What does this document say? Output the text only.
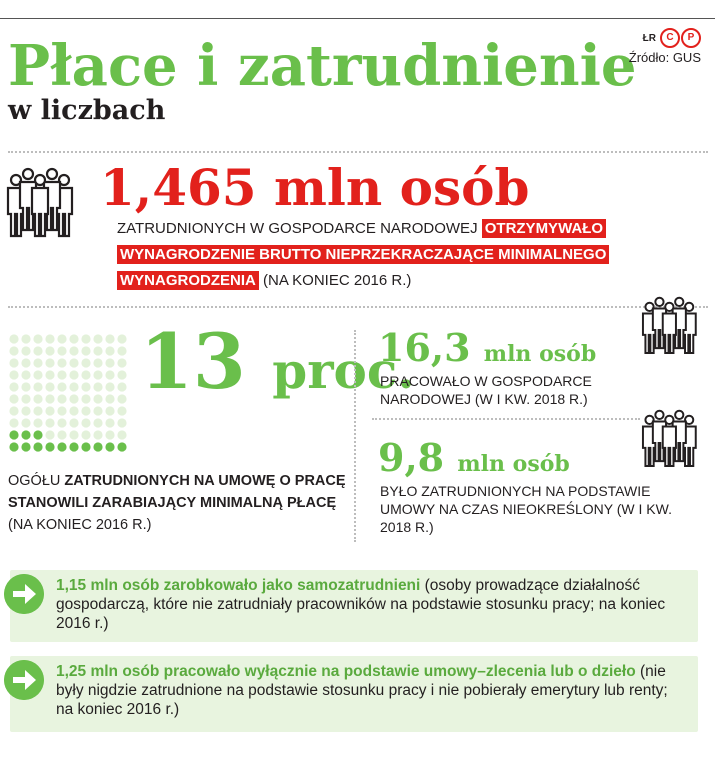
Płace i zatrudnienie
w liczbach
ŁR	C	P
Źródło: GUS
1,465 mln osób
ZATRUDNIONYCH W GOSPODARCE NARODOWEJ OTRZYMYWAŁO WYNAGRODZENIE BRUTTO NIEPRZEKRACZAJĄCE MINIMALNEGO WYNAGRODZENIA (NA KONIEC 2016 R.)
13 proc.
OGÓŁU ZATRUDNIONYCH NA UMOWĘ O PRACĘ STANOWILI ZARABIAJĄCY MINIMALNĄ PŁACĘ (NA KONIEC 2016 R.)
16,3 mln osób
PRACOWAŁO W GOSPODARCE NARODOWEJ (W I KW. 2018 R.)
9,8 mln osób
BYŁO ZATRUDNIONYCH NA PODSTAWIE UMOWY NA CZAS NIEOKREŚLONY (W I KW. 2018 R.)
1,15 mln osób zarobkowało jako samozatrudnieni (osoby prowadzące działalność gospodarczą, które nie zatrudniały pracowników na podstawie stosunku pracy; na koniec 2016 r.)
1,25 mln osób pracowało wyłącznie na podstawie umowy–zlecenia lub o dzieło (nie były nigdzie zatrudnione na podstawie stosunku pracy i nie pobierały emerytury lub renty; na koniec 2016 r.)
